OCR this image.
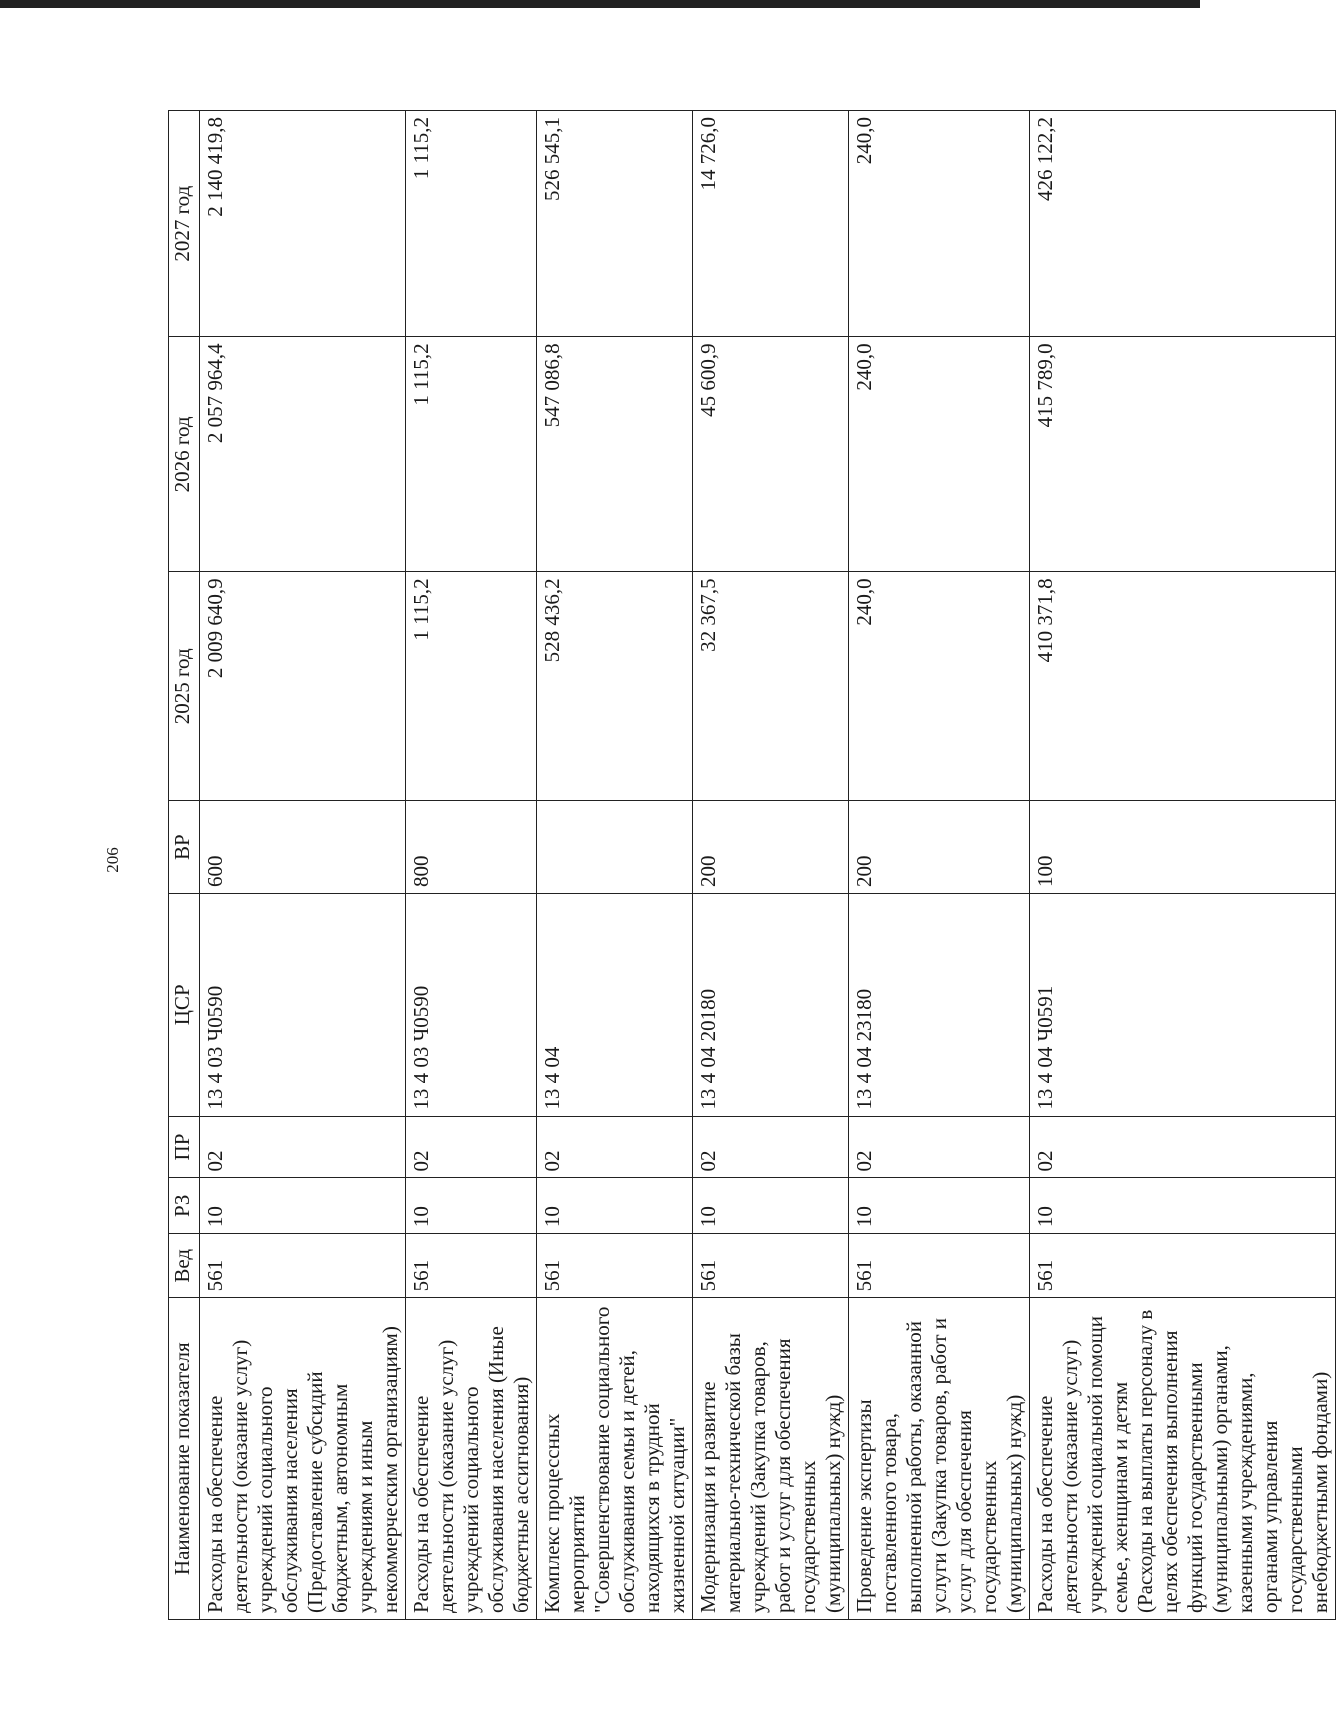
206
Наименование показателя	Вед	РЗ	ПР	ЦСР	ВР	2025 год	2026 год	2027 год
Расходы на обеспечение деятельности (оказание услуг) учреждений социального обслуживания населения (Предоставление субсидий бюджетным, автономным учреждениям и иным некоммерческим организациям)	561	10	02	13 4 03 Ч0590	600	2 009 640,9	2 057 964,4	2 140 419,8
Расходы на обеспечение деятельности (оказание услуг) учреждений социального обслуживания населения (Иные бюджетные ассигнования)	561	10	02	13 4 03 Ч0590	800	1 115,2	1 115,2	1 115,2
Комплекс процессных мероприятий "Совершенствование социального обслуживания семьи и детей, находящихся в трудной жизненной ситуации"	561	10	02	13 4 04		528 436,2	547 086,8	526 545,1
Модернизация и развитие материально-технической базы учреждений (Закупка товаров, работ и услуг для обеспечения государственных (муниципальных) нужд)	561	10	02	13 4 04 20180	200	32 367,5	45 600,9	14 726,0
Проведение экспертизы поставленного товара, выполненной работы, оказанной услуги (Закупка товаров, работ и услуг для обеспечения государственных (муниципальных) нужд)	561	10	02	13 4 04 23180	200	240,0	240,0	240,0
Расходы на обеспечение деятельности (оказание услуг) учреждений социальной помощи семье, женщинам и детям (Расходы на выплаты персоналу в целях обеспечения выполнения функций государственными (муниципальными) органами, казенными учреждениями, органами управления государственными внебюджетными фондами)	561	10	02	13 4 04 Ч0591	100	410 371,8	415 789,0	426 122,2
